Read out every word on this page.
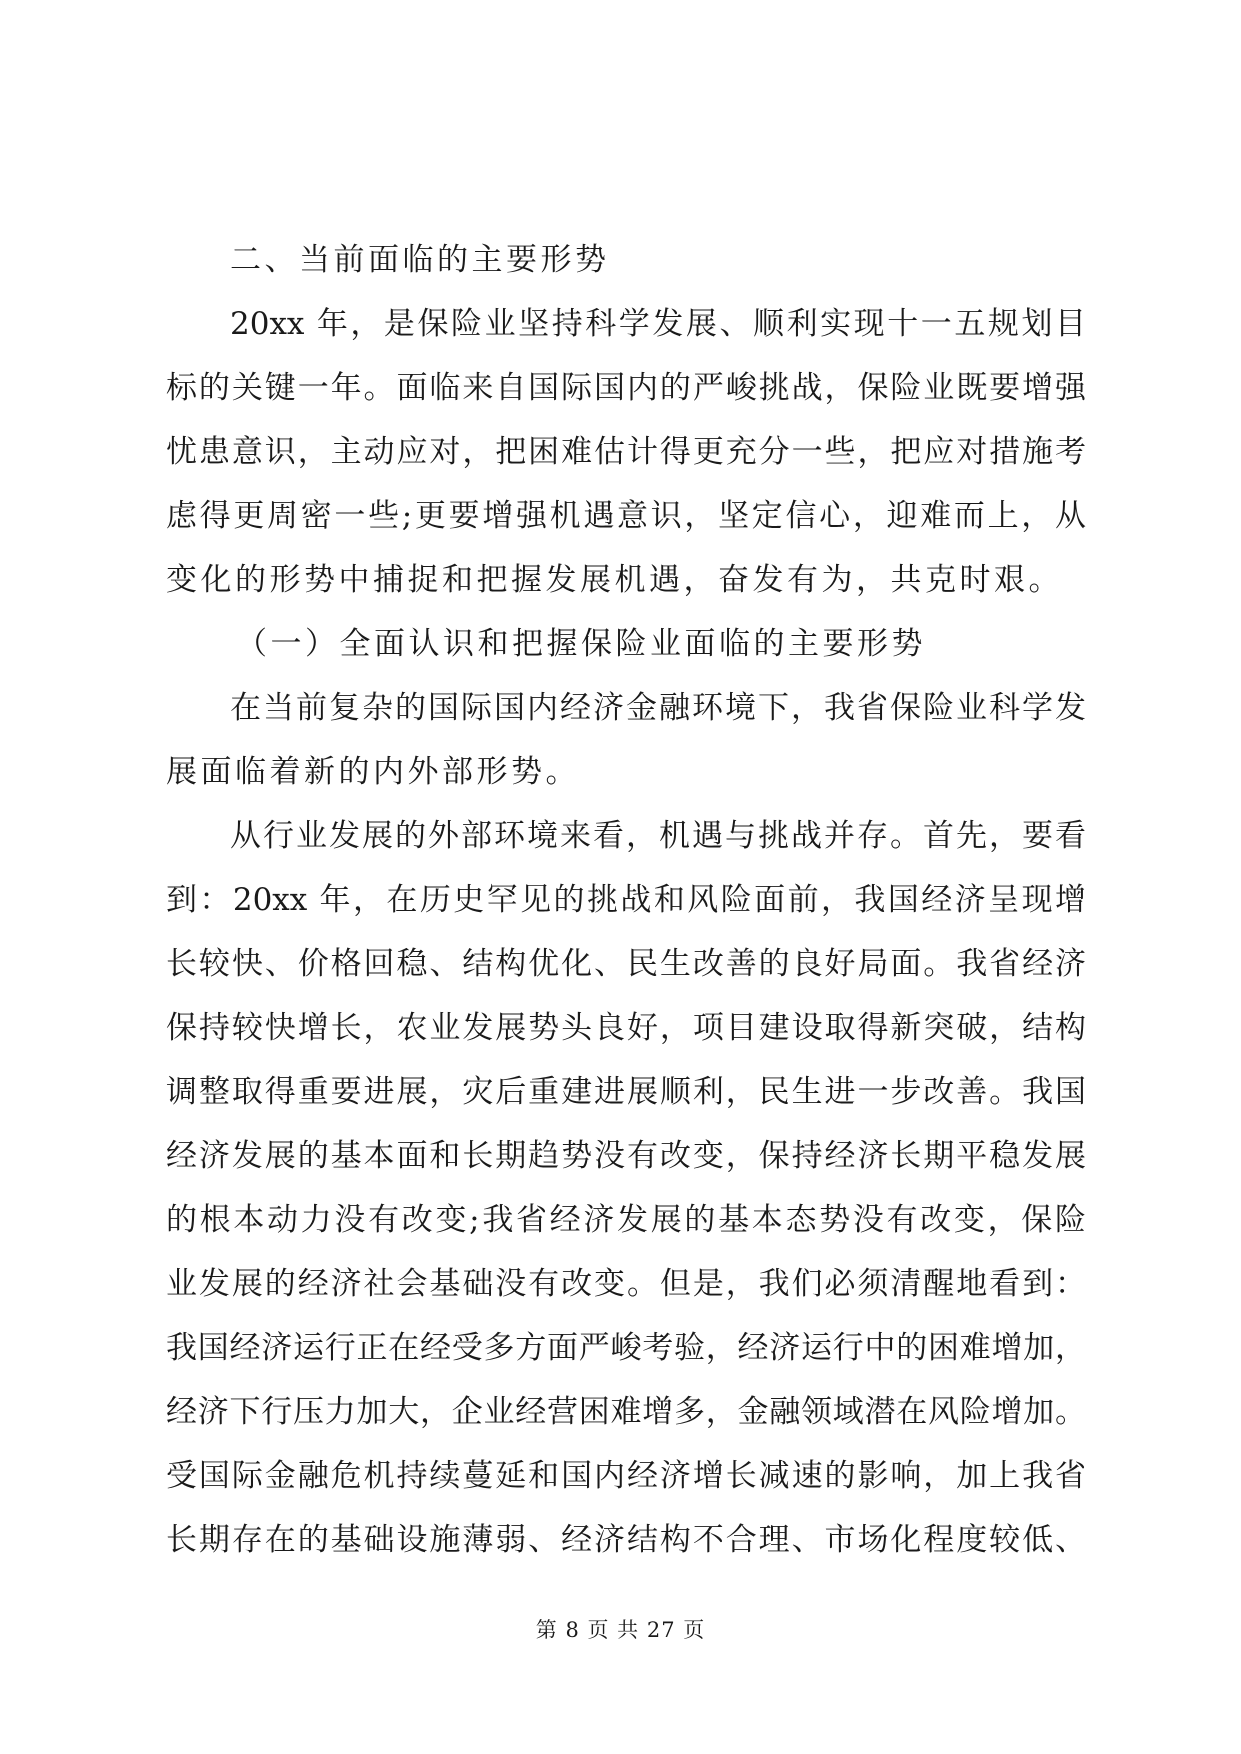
二、当前面临的主要形势
20xx 年，是保险业坚持科学发展、顺利实现十一五规划目
标的关键一年。面临来自国际国内的严峻挑战，保险业既要增强
忧患意识，主动应对，把困难估计得更充分一些，把应对措施考
虑得更周密一些;更要增强机遇意识，坚定信心，迎难而上，从
变化的形势中捕捉和把握发展机遇，奋发有为，共克时艰。
（一）全面认识和把握保险业面临的主要形势
在当前复杂的国际国内经济金融环境下，我省保险业科学发
展面临着新的内外部形势。
从行业发展的外部环境来看，机遇与挑战并存。首先，要看
到：20xx 年，在历史罕见的挑战和风险面前，我国经济呈现增
长较快、价格回稳、结构优化、民生改善的良好局面。我省经济
保持较快增长，农业发展势头良好，项目建设取得新突破，结构
调整取得重要进展，灾后重建进展顺利，民生进一步改善。我国
经济发展的基本面和长期趋势没有改变，保持经济长期平稳发展
的根本动力没有改变;我省经济发展的基本态势没有改变，保险
业发展的经济社会基础没有改变。但是，我们必须清醒地看到：
我国经济运行正在经受多方面严峻考验，经济运行中的困难增加，
经济下行压力加大，企业经营困难增多，金融领域潜在风险增加。
受国际金融危机持续蔓延和国内经济增长减速的影响，加上我省
长期存在的基础设施薄弱、经济结构不合理、市场化程度较低、
第 8 页 共 27 页
